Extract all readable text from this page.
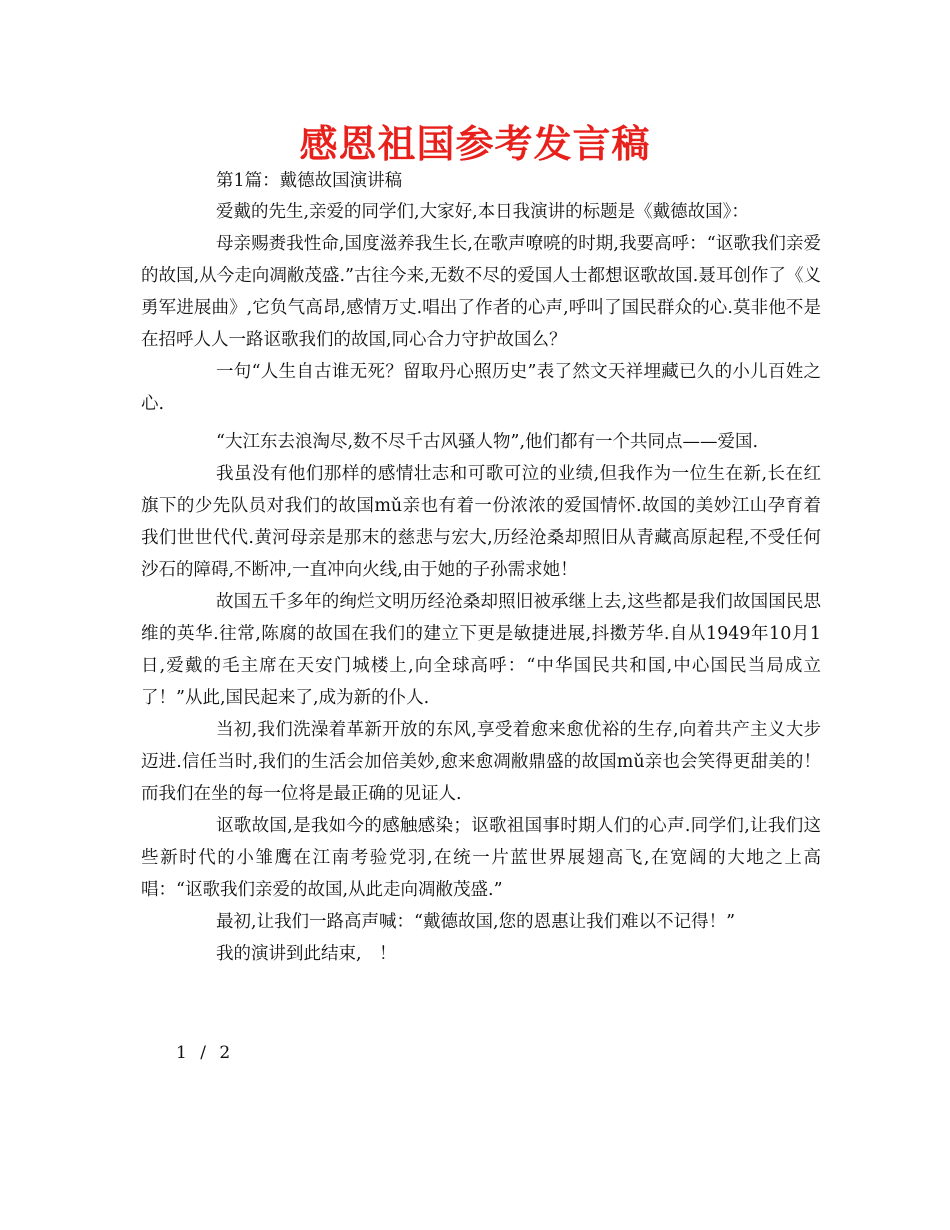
感恩祖国参考发言稿

第1篇：戴德故国演讲稿

爱戴的先生,亲爱的同学们,大家好,本日我演讲的标题是《戴德故国》：

母亲赐赉我性命,国度滋养我生长,在歌声嘹喨的时期,我要高呼：“讴歌我们亲爱的故国,从今走向凋敝茂盛.”古往今来,无数不尽的爱国人士都想讴歌故国.聂耳创作了《义勇军进展曲》,它负气高昂,感情万丈.唱出了作者的心声,呼叫了国民群众的心.莫非他不是在招呼人人一路讴歌我们的故国,同心合力守护故国么？

一句“人生自古谁无死？留取丹心照历史”表了然文天祥埋藏已久的小儿百姓之心.

“大江东去浪淘尽,数不尽千古风骚人物”,他们都有一个共同点——爱国.

我虽没有他们那样的感情壮志和可歌可泣的业绩,但我作为一位生在新,长在红旗下的少先队员对我们的故国mǔ亲也有着一份浓浓的爱国情怀.故国的美妙江山孕育着我们世世代代.黄河母亲是那末的慈悲与宏大,历经沧桑却照旧从青藏高原起程,不受任何沙石的障碍,不断冲,一直冲向火线,由于她的子孙需求她！

故国五千多年的绚烂文明历经沧桑却照旧被承继上去,这些都是我们故国国民思维的英华.往常,陈腐的故国在我们的建立下更是敏捷进展,抖擞芳华.自从1949年10月1日,爱戴的毛主席在天安门城楼上,向全球高呼：“中华国民共和国,中心国民当局成立了！”从此,国民起来了,成为新的仆人.

当初,我们洗澡着革新开放的东风,享受着愈来愈优裕的生存,向着共产主义大步迈进.信任当时,我们的生活会加倍美妙,愈来愈凋敝鼎盛的故国mǔ亲也会笑得更甜美的！而我们在坐的每一位将是最正确的见证人.

讴歌故国,是我如今的感触感染；讴歌祖国事时期人们的心声.同学们,让我们这些新时代的小雏鹰在江南考验党羽,在统一片蓝世界展翅高飞,在宽阔的大地之上高唱：“讴歌我们亲爱的故国,从此走向凋敝茂盛.”

最初,让我们一路高声喊：“戴德故国,您的恩惠让我们难以不记得！”

我的演讲到此结束,　！

1 / 2
